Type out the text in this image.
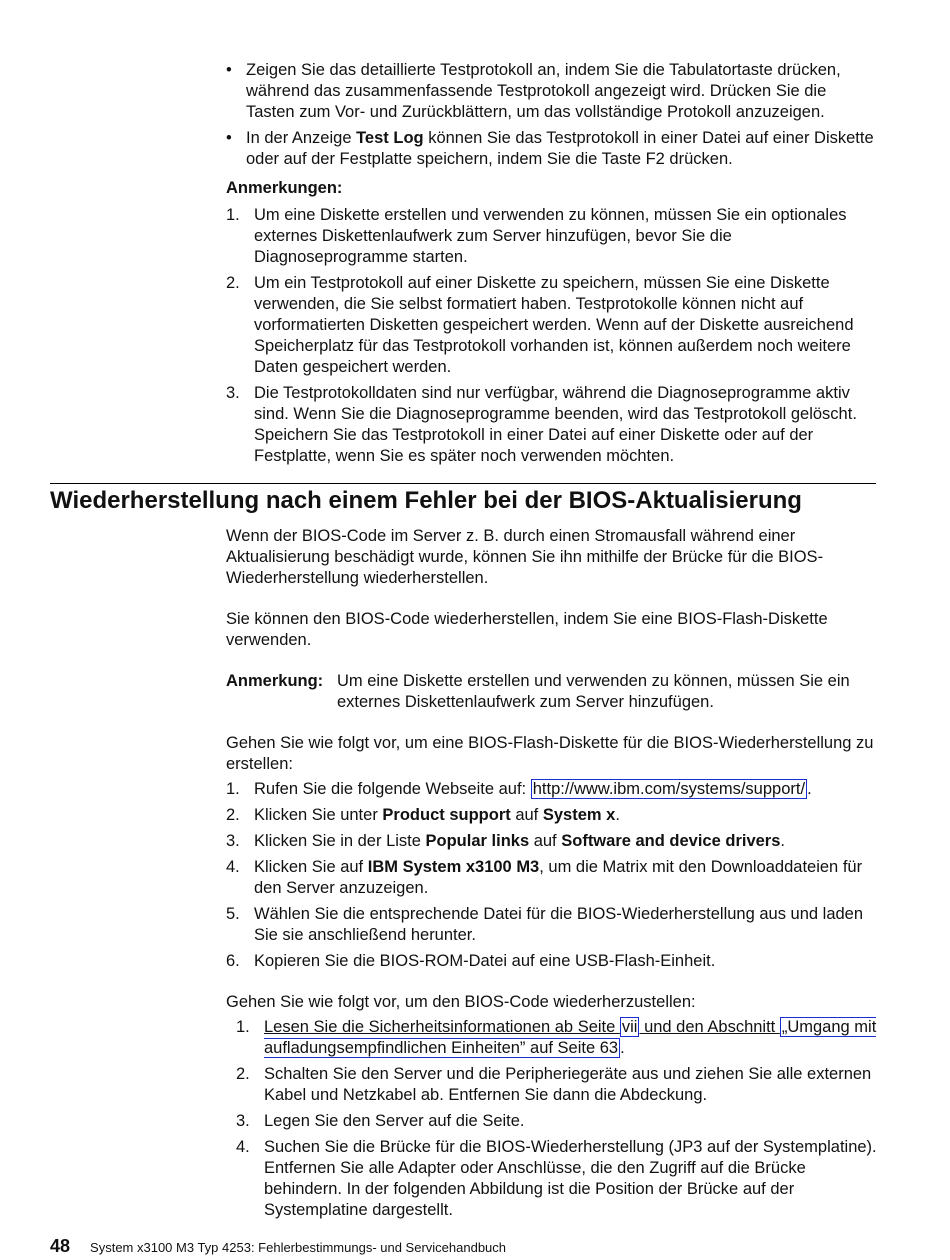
• Zeigen Sie das detaillierte Testprotokoll an, indem Sie die Tabulatortaste drücken, während das zusammenfassende Testprotokoll angezeigt wird. Drücken Sie die Tasten zum Vor- und Zurückblättern, um das vollständige Protokoll anzuzeigen.
• In der Anzeige Test Log können Sie das Testprotokoll in einer Datei auf einer Diskette oder auf der Festplatte speichern, indem Sie die Taste F2 drücken.
Anmerkungen:
1. Um eine Diskette erstellen und verwenden zu können, müssen Sie ein optionales externes Diskettenlaufwerk zum Server hinzufügen, bevor Sie die Diagnoseprogramme starten.
2. Um ein Testprotokoll auf einer Diskette zu speichern, müssen Sie eine Diskette verwenden, die Sie selbst formatiert haben. Testprotokolle können nicht auf vorformatierten Disketten gespeichert werden. Wenn auf der Diskette ausreichend Speicherplatz für das Testprotokoll vorhanden ist, können außerdem noch weitere Daten gespeichert werden.
3. Die Testprotokolldaten sind nur verfügbar, während die Diagnoseprogramme aktiv sind. Wenn Sie die Diagnoseprogramme beenden, wird das Testprotokoll gelöscht. Speichern Sie das Testprotokoll in einer Datei auf einer Diskette oder auf der Festplatte, wenn Sie es später noch verwenden möchten.
Wiederherstellung nach einem Fehler bei der BIOS-Aktualisierung

Wenn der BIOS-Code im Server z. B. durch einen Stromausfall während einer Aktualisierung beschädigt wurde, können Sie ihn mithilfe der Brücke für die BIOS-Wiederherstellung wiederherstellen.

Sie können den BIOS-Code wiederherstellen, indem Sie eine BIOS-Flash-Diskette verwenden.

Anmerkung: Um eine Diskette erstellen und verwenden zu können, müssen Sie ein externes Diskettenlaufwerk zum Server hinzufügen.

Gehen Sie wie folgt vor, um eine BIOS-Flash-Diskette für die BIOS-Wiederherstellung zu erstellen:

1. Rufen Sie die folgende Webseite auf: http://www.ibm.com/systems/support/ .
2. Klicken Sie unter Product support auf System x.
3. Klicken Sie in der Liste Popular links auf Software and device drivers.
4. Klicken Sie auf IBM System x3100 M3, um die Matrix mit den Downloaddateien für den Server anzuzeigen.
5. Wählen Sie die entsprechende Datei für die BIOS-Wiederherstellung aus und laden Sie sie anschließend herunter.
6. Kopieren Sie die BIOS-ROM-Datei auf eine USB-Flash-Einheit.

Gehen Sie wie folgt vor, um den BIOS-Code wiederherzustellen:

1. Lesen Sie die Sicherheitsinformationen ab Seite vii und den Abschnitt „Umgang mit aufladungsempfindlichen Einheiten” auf Seite 63 .
2. Schalten Sie den Server und die Peripheriegeräte aus und ziehen Sie alle externen Kabel und Netzkabel ab. Entfernen Sie dann die Abdeckung.
3. Legen Sie den Server auf die Seite.
4. Suchen Sie die Brücke für die BIOS-Wiederherstellung (JP3 auf der Systemplatine). Entfernen Sie alle Adapter oder Anschlüsse, die den Zugriff auf die Brücke behindern. In der folgenden Abbildung ist die Position der Brücke auf der Systemplatine dargestellt.
48 System x3100 M3 Typ 4253: Fehlerbestimmungs- und Servicehandbuch
